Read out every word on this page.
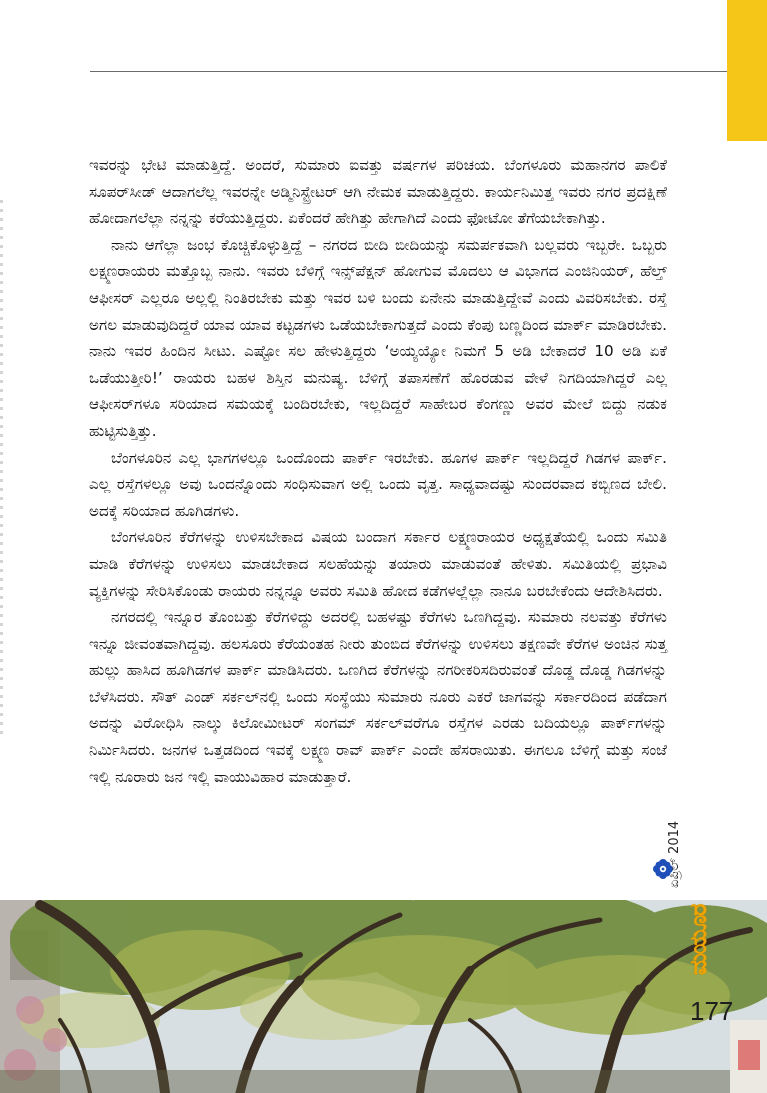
ಇವರನ್ನು ಭೇಟಿ ಮಾಡುತ್ತಿದ್ದೆ. ಅಂದರೆ, ಸುಮಾರು ಐವತ್ತು ವರ್ಷಗಳ ಪರಿಚಯ. ಬೆಂಗಳೂರು ಮಹಾನಗರ ಪಾಲಿಕೆ ಸೂಪರ್‌ಸೀಡ್ ಆದಾಗಲೆಲ್ಲ ಇವರನ್ನೇ ಅಡ್ಮಿನಿಸ್ಟ್ರೇಟರ್ ಆಗಿ ನೇಮಕ ಮಾಡುತ್ತಿದ್ದರು. ಕಾರ್ಯನಿಮಿತ್ತ ಇವರು ನಗರ ಪ್ರದಕ್ಷಿಣೆ ಹೋದಾಗಲೆಲ್ಲಾ ನನ್ನನ್ನು ಕರೆಯುತ್ತಿದ್ದರು. ಏಕೆಂದರೆ ಹೇಗಿತ್ತು ಹೇಗಾಗಿದೆ ಎಂದು ಫೋಟೋ ತೆಗೆಯಬೇಕಾಗಿತ್ತು.

ನಾನು ಆಗೆಲ್ಲಾ ಜಂಭ ಕೊಚ್ಚಿಕೊಳ್ಳುತ್ತಿದ್ದೆ – ನಗರದ ಬೀದಿ ಬೀದಿಯನ್ನು ಸಮರ್ಪಕವಾಗಿ ಬಲ್ಲವರು ಇಬ್ಬರೇ. ಒಬ್ಬರು ಲಕ್ಷ್ಮಣರಾಯರು ಮತ್ತೊಬ್ಬ ನಾನು. ಇವರು ಬೆಳಿಗ್ಗೆ ಇನ್ಸ್‌ಪೆಕ್ಷನ್ ಹೋಗುವ ಮೊದಲು ಆ ವಿಭಾಗದ ಎಂಜಿನಿಯರ್, ಹೆಲ್ತ್ ಆಫೀಸರ್ ಎಲ್ಲರೂ ಅಲ್ಲಲ್ಲಿ ನಿಂತಿರಬೇಕು ಮತ್ತು ಇವರ ಬಳಿ ಬಂದು ಏನೇನು ಮಾಡುತ್ತಿದ್ದೇವೆ ಎಂದು ವಿವರಿಸಬೇಕು. ರಸ್ತೆ ಅಗಲ ಮಾಡುವುದಿದ್ದರೆ ಯಾವ ಯಾವ ಕಟ್ಟಡಗಳು ಒಡೆಯಬೇಕಾಗುತ್ತದೆ ಎಂದು ಕೆಂಪು ಬಣ್ಣದಿಂದ ಮಾರ್ಕ್ ಮಾಡಿರಬೇಕು. ನಾನು ಇವರ ಹಿಂದಿನ ಸೀಟು. ಎಷ್ಟೋ ಸಲ ಹೇಳುತ್ತಿದ್ದರು ‘ಅಯ್ಯಯ್ಯೋ ನಿಮಗೆ 5 ಅಡಿ ಬೇಕಾದರೆ 10 ಅಡಿ ಏಕೆ ಒಡೆಯುತ್ತೀರಿ!’ ರಾಯರು ಬಹಳ ಶಿಸ್ತಿನ ಮನುಷ್ಯ. ಬೆಳಿಗ್ಗೆ ತಪಾಸಣೆಗೆ ಹೊರಡುವ ವೇಳೆ ನಿಗದಿಯಾಗಿದ್ದರೆ ಎಲ್ಲ ಆಫೀಸರ್‌ಗಳೂ ಸರಿಯಾದ ಸಮಯಕ್ಕೆ ಬಂದಿರಬೇಕು, ಇಲ್ಲದಿದ್ದರೆ ಸಾಹೇಬರ ಕೆಂಗಣ್ಣು ಅವರ ಮೇಲೆ ಬಿದ್ದು ನಡುಕ ಹುಟ್ಟಿಸುತ್ತಿತ್ತು.

ಬೆಂಗಳೂರಿನ ಎಲ್ಲ ಭಾಗಗಳಲ್ಲೂ ಒಂದೊಂದು ಪಾರ್ಕ್ ಇರಬೇಕು. ಹೂಗಳ ಪಾರ್ಕ್ ಇಲ್ಲದಿದ್ದರೆ ಗಿಡಗಳ ಪಾರ್ಕ್. ಎಲ್ಲ ರಸ್ತೆಗಳಲ್ಲೂ ಅವು ಒಂದನ್ನೊಂದು ಸಂಧಿಸುವಾಗ ಅಲ್ಲಿ ಒಂದು ವೃತ್ತ. ಸಾಧ್ಯವಾದಷ್ಟು ಸುಂದರವಾದ ಕಬ್ಬಿಣದ ಬೇಲಿ. ಅದಕ್ಕೆ ಸರಿಯಾದ ಹೂಗಿಡಗಳು.

ಬೆಂಗಳೂರಿನ ಕೆರೆಗಳನ್ನು ಉಳಿಸಬೇಕಾದ ವಿಷಯ ಬಂದಾಗ ಸರ್ಕಾರ ಲಕ್ಷ್ಮಣರಾಯರ ಅಧ್ಯಕ್ಷತೆಯಲ್ಲಿ ಒಂದು ಸಮಿತಿ ಮಾಡಿ ಕೆರೆಗಳನ್ನು ಉಳಿಸಲು ಮಾಡಬೇಕಾದ ಸಲಹೆಯನ್ನು ತಯಾರು ಮಾಡುವಂತೆ ಹೇಳಿತು. ಸಮಿತಿಯಲ್ಲಿ ಪ್ರಭಾವಿ ವ್ಯಕ್ತಿಗಳನ್ನು ಸೇರಿಸಿಕೊಂಡು ರಾಯರು ನನ್ನನ್ನೂ ಅವರು ಸಮಿತಿ ಹೋದ ಕಡೆಗಳಲ್ಲೆಲ್ಲಾ ನಾನೂ ಬರಬೇಕೆಂದು ಆದೇಶಿಸಿದರು.

ನಗರದಲ್ಲಿ ಇನ್ನೂರ ತೊಂಬತ್ತು ಕೆರೆಗಳಿದ್ದು ಅದರಲ್ಲಿ ಬಹಳಷ್ಟು ಕೆರೆಗಳು ಒಣಗಿದ್ದವು. ಸುಮಾರು ನಲವತ್ತು ಕೆರೆಗಳು ಇನ್ನೂ ಜೀವಂತವಾಗಿದ್ದವು. ಹಲಸೂರು ಕೆರೆಯಂತಹ ನೀರು ತುಂಬಿದ ಕೆರೆಗಳನ್ನು ಉಳಿಸಲು ತಕ್ಷಣವೇ ಕೆರೆಗಳ ಅಂಚಿನ ಸುತ್ತ ಹುಲ್ಲು ಹಾಸಿದ ಹೂಗಿಡಗಳ ಪಾರ್ಕ್ ಮಾಡಿಸಿದರು. ಒಣಗಿದ ಕೆರೆಗಳನ್ನು ನಗರೀಕರಿಸದಿರುವಂತೆ ದೊಡ್ಡ ದೊಡ್ಡ ಗಿಡಗಳನ್ನು ಬೆಳೆಸಿದರು. ಸೌತ್ ಎಂಡ್ ಸರ್ಕಲ್‌ನಲ್ಲಿ ಒಂದು ಸಂಸ್ಥೆಯು ಸುಮಾರು ನೂರು ಎಕರೆ ಜಾಗವನ್ನು ಸರ್ಕಾರದಿಂದ ಪಡೆದಾಗ ಅದನ್ನು ವಿರೋಧಿಸಿ ನಾಲ್ಕು ಕಿಲೋಮೀಟರ್ ಸಂಗಮ್ ಸರ್ಕಲ್‌ವರೆಗೂ ರಸ್ತೆಗಳ ಎರಡು ಬದಿಯಲ್ಲೂ ಪಾರ್ಕ್‌ಗಳನ್ನು ನಿರ್ಮಿಸಿದರು. ಜನಗಳ ಒತ್ತಡದಿಂದ ಇವಕ್ಕೆ ಲಕ್ಷ್ಮಣ ರಾವ್ ಪಾರ್ಕ್ ಎಂದೇ ಹೆಸರಾಯಿತು. ಈಗಲೂ ಬೆಳಿಗ್ಗೆ ಮತ್ತು ಸಂಜೆ ಇಲ್ಲಿ ನೂರಾರು ಜನ ಇಲ್ಲಿ ವಾಯುವಿಹಾರ ಮಾಡುತ್ತಾರೆ.

ಏಪ್ರಿಲ್ 2014
ಮಯೂರ
177
